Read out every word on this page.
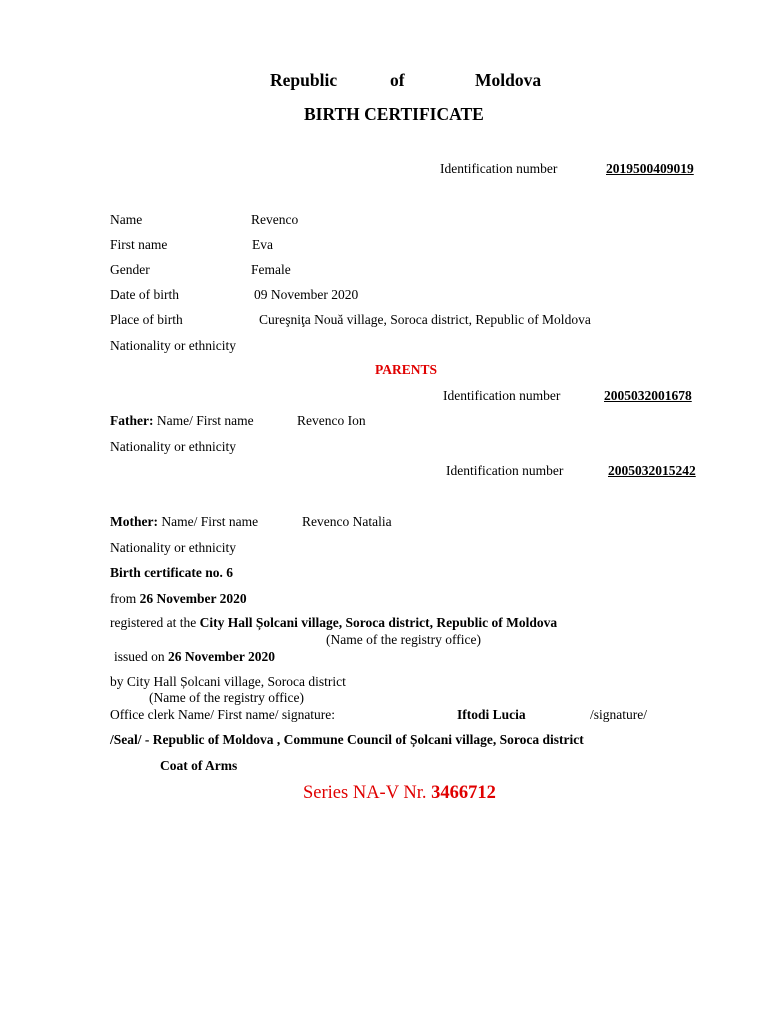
Republic	of	Moldova
BIRTH CERTIFICATE
Identification number	2019500409019
Name	Revenco
First name	Eva
Gender	Female
Date of birth	09 November 2020
Place of birth	Cureşniţa Nouă village, Soroca district, Republic of Moldova
Nationality or ethnicity
PARENTS
Identification number	2005032001678
Father: Name/ First name	Revenco Ion
Nationality or ethnicity
Identification number	2005032015242
Mother: Name/ First name	Revenco Natalia
Nationality or ethnicity
Birth certificate no. 6
from 26 November 2020
registered at the City Hall Șolcani village, Soroca district, Republic of Moldova
(Name of the registry office)
issued on 26 November 2020
by City Hall Șolcani village, Soroca district
(Name of the registry office)
Office clerk Name/ First name/ signature:	Iftodi Lucia	/signature/
/Seal/ - Republic of Moldova , Commune Council of Șolcani village, Soroca district
Coat of Arms
Series NA-V Nr. 3466712
